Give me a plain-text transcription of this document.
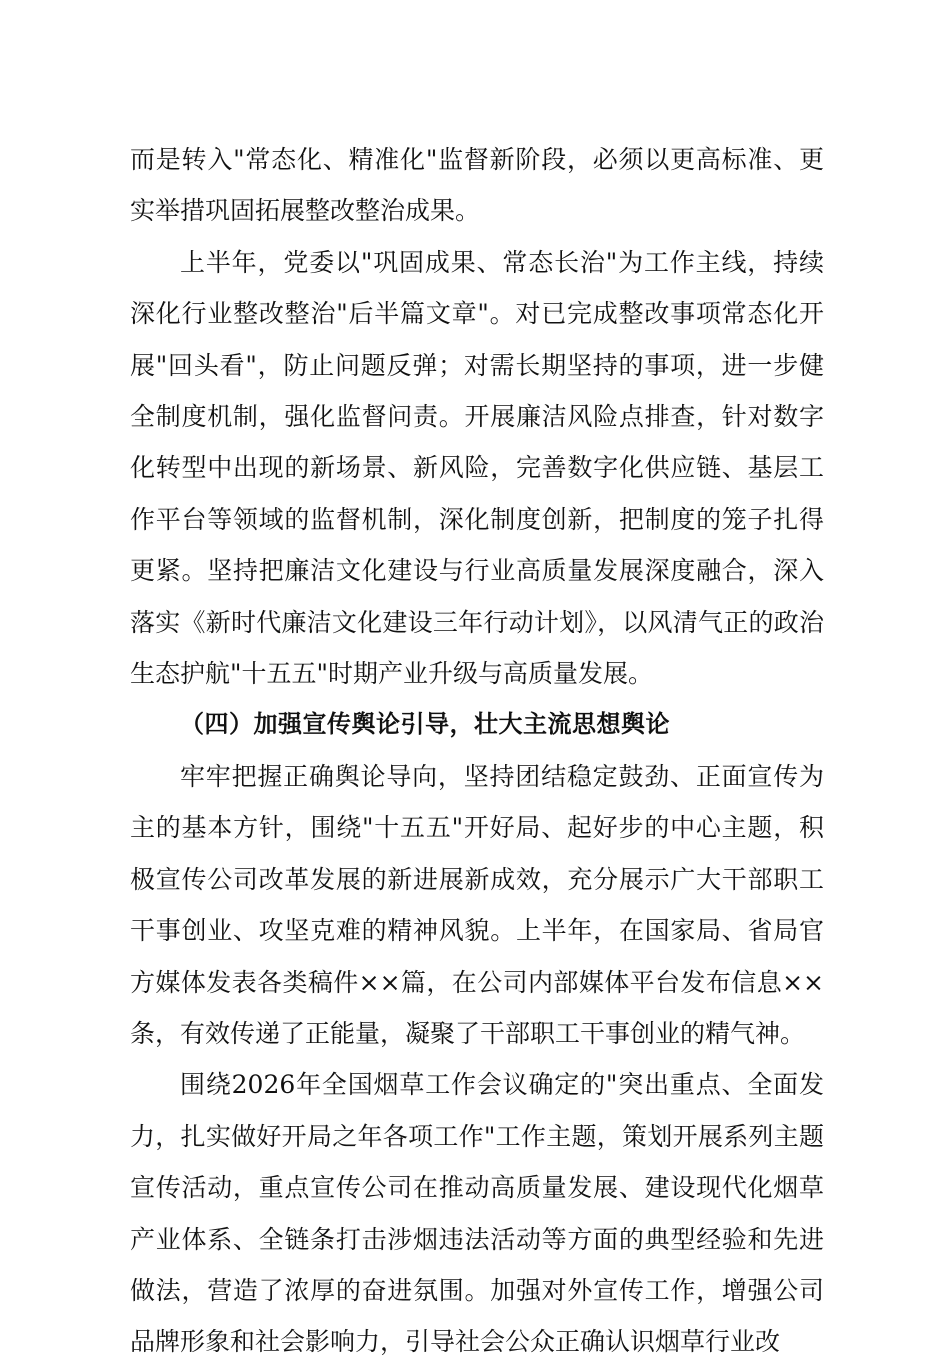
而是转入"常态化、精准化"监督新阶段，必须以更高标准、更实举措巩固拓展整改整治成果。

上半年，党委以"巩固成果、常态长治"为工作主线，持续深化行业整改整治"后半篇文章"。对已完成整改事项常态化开展"回头看"，防止问题反弹；对需长期坚持的事项，进一步健全制度机制，强化监督问责。开展廉洁风险点排查，针对数字化转型中出现的新场景、新风险，完善数字化供应链、基层工作平台等领域的监督机制，深化制度创新，把制度的笼子扎得更紧。坚持把廉洁文化建设与行业高质量发展深度融合，深入落实《新时代廉洁文化建设三年行动计划》，以风清气正的政治生态护航"十五五"时期产业升级与高质量发展。

（四）加强宣传舆论引导，壮大主流思想舆论

牢牢把握正确舆论导向，坚持团结稳定鼓劲、正面宣传为主的基本方针，围绕"十五五"开好局、起好步的中心主题，积极宣传公司改革发展的新进展新成效，充分展示广大干部职工干事创业、攻坚克难的精神风貌。上半年，在国家局、省局官方媒体发表各类稿件××篇，在公司内部媒体平台发布信息××条，有效传递了正能量，凝聚了干部职工干事创业的精气神。

围绕2026年全国烟草工作会议确定的"突出重点、全面发力，扎实做好开局之年各项工作"工作主题，策划开展系列主题宣传活动，重点宣传公司在推动高质量发展、建设现代化烟草产业体系、全链条打击涉烟违法活动等方面的典型经验和先进做法，营造了浓厚的奋进氛围。加强对外宣传工作，增强公司品牌形象和社会影响力，引导社会公众正确认识烟草行业改
